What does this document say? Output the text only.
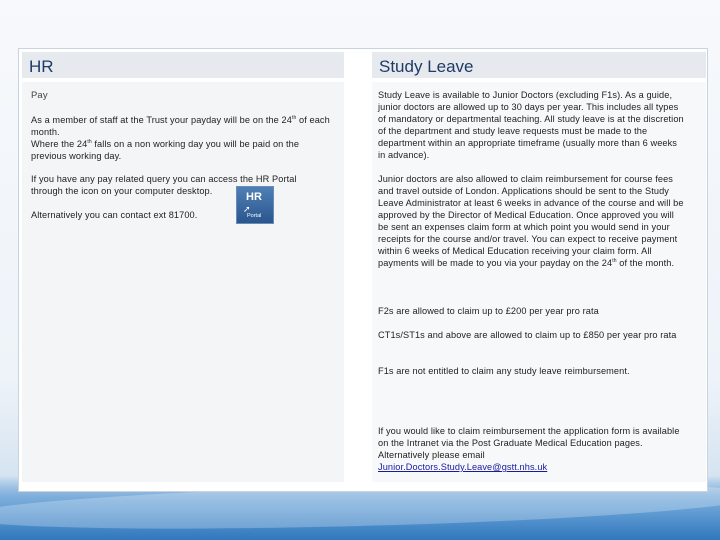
HR	Study Leave
Pay
As a member of staff at the Trust your payday will be on the 24th of each month.
Where the 24th falls on a non working day you will be paid on the previous working day.
If you have any pay related query you can access the HR Portal through the icon on your computer desktop.
Alternatively you can contact ext 81700.
HR
➚
Portal
Study Leave is available to Junior Doctors (excluding F1s). As a guide, junior doctors are allowed up to 30 days per year. This includes all types of mandatory or departmental teaching. All study leave is at the discretion of the department and study leave requests must be made to the department within an appropriate timeframe (usually more than 6 weeks in advance).
Junior doctors are also allowed to claim reimbursement for course fees and travel outside of London. Applications should be sent to the Study Leave Administrator at least 6 weeks in advance of the course and will be approved by the Director of Medical Education. Once approved you will be sent an expenses claim form at which point you would send in your receipts for the course and/or travel. You can expect to receive payment within 6 weeks of Medical Education receiving your claim form. All payments will be made to you via your payday on the 24th of the month.
F2s are allowed to claim up to £200 per year pro rata
CT1s/ST1s and above are allowed to claim up to £850 per year pro rata
F1s are not entitled to claim any study leave reimbursement.
If you would like to claim reimbursement the application form is available on the Intranet via the Post Graduate Medical Education pages. Alternatively please email
Junior.Doctors.Study.Leave@gstt.nhs.uk
